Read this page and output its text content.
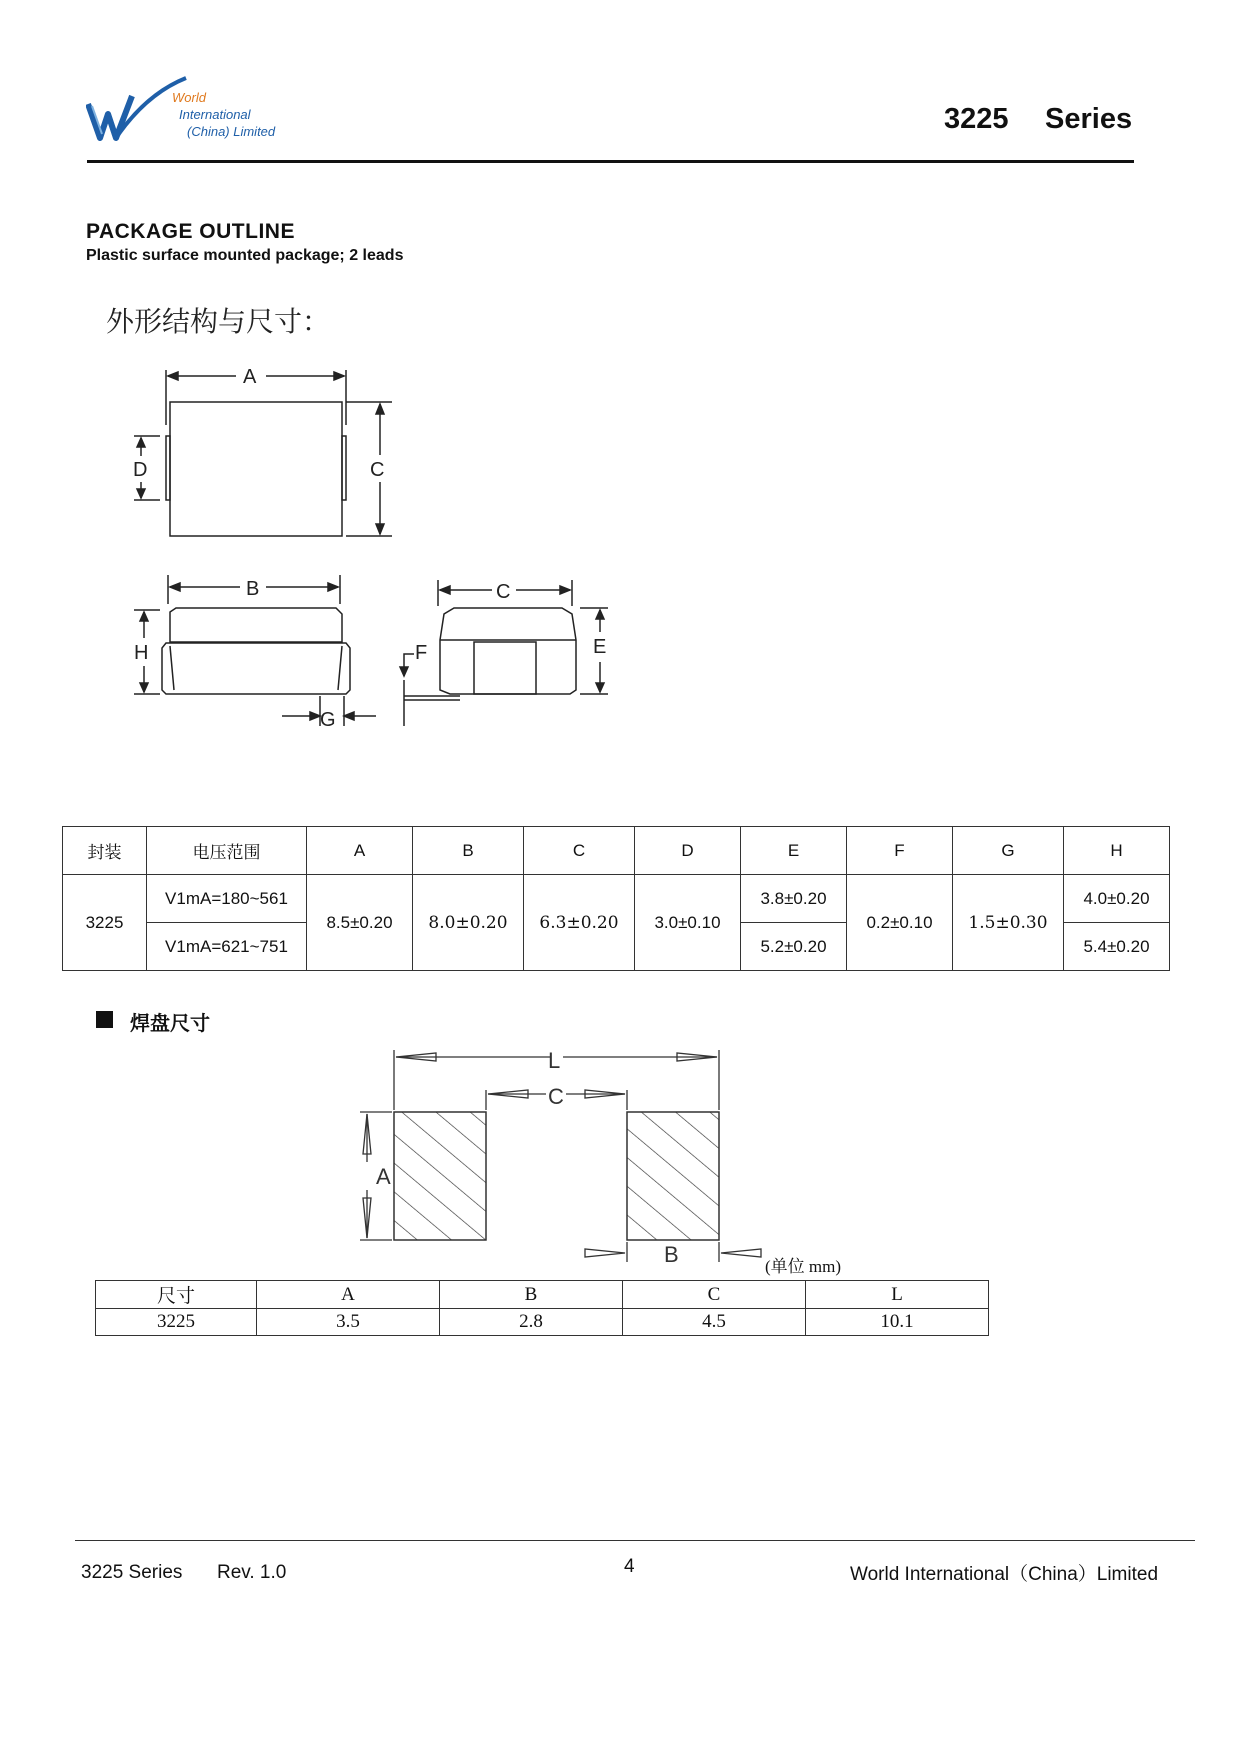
World
International
(China) Limited	3225 Series
PACKAGE OUTLINE
Plastic surface mounted package; 2 leads
外形结构与尺寸：
A
D	C
B
H
G
C
E
F
封装	电压范围	A	B	C	D	E	F	G	H
3225	V1mA=180~561	8.5±0.20	8.0±0.20	6.3±0.20	3.0±0.10	3.8±0.20	0.2±0.10	1.5±0.30	4.0±0.20
	V1mA=621~751					5.2±0.20			5.4±0.20
焊盘尺寸
L
C
A
B	(单位 mm)
尺寸	A	B	C	L
3225	3.5	2.8	4.5	10.1
3225 Series Rev. 1.0	4	World International（China）Limited
